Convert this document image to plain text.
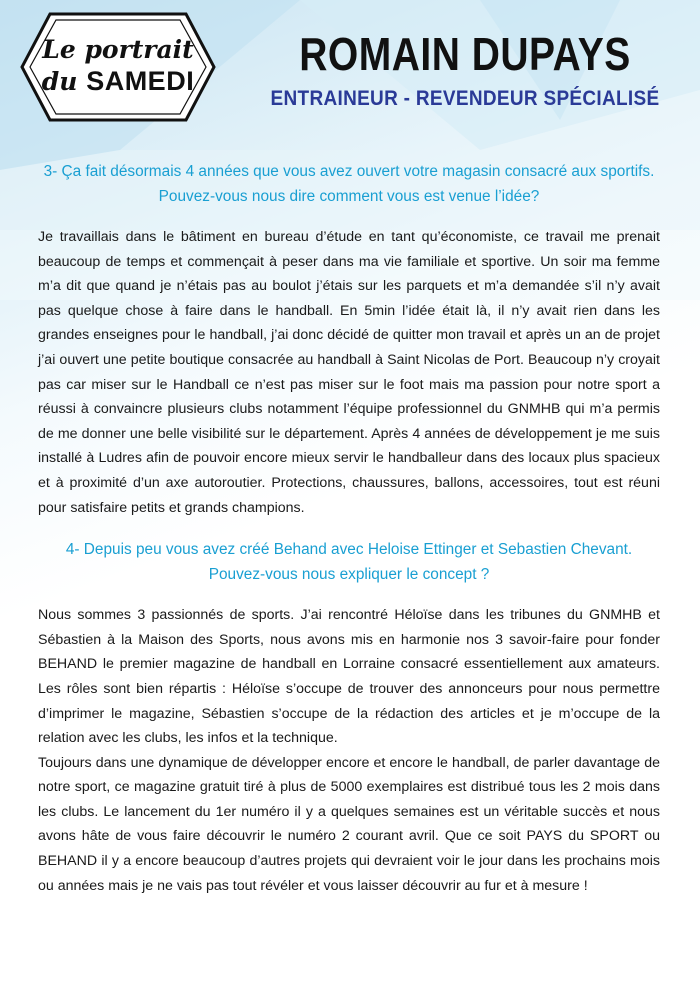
Le portrait
du SAMEDI
ROMAIN DUPAYS
ENTRAINEUR - REVENDEUR SPÉCIALISÉ

3- Ça fait désormais 4 années que vous avez ouvert votre magasin consacré aux sportifs. Pouvez-vous nous dire comment vous est venue l’idée?

Je travaillais dans le bâtiment en bureau d’étude en tant qu’économiste, ce travail me prenait beaucoup de temps et commençait à peser dans ma vie familiale et sportive. Un soir ma femme m’a dit que quand je n’étais pas au boulot j’étais sur les parquets et m’a demandée s’il n’y avait pas quelque chose à faire dans le handball. En 5min l’idée était là, il n’y avait rien dans les grandes enseignes pour le handball, j’ai donc décidé de quitter mon travail et après un an de projet j’ai ouvert une petite boutique consacrée au handball à Saint Nicolas de Port. Beaucoup n’y croyait pas car miser sur le Handball ce n’est pas miser sur le foot mais ma passion pour notre sport a réussi à convaincre plusieurs clubs notamment l’équipe professionnel du GNMHB qui m’a permis de me donner une belle visibilité sur le département. Après 4 années de développement je me suis installé à Ludres afin de pouvoir encore mieux servir le handballeur dans des locaux plus spacieux et à proximité d’un axe autoroutier. Protections, chaussures, ballons, accessoires, tout est réuni pour satisfaire petits et grands champions.

4- Depuis peu vous avez créé Behand avec Heloise Ettinger et Sebastien Chevant. Pouvez-vous nous expliquer le concept ?

Nous sommes 3 passionnés de sports. J’ai rencontré Héloïse dans les tribunes du GNMHB et Sébastien à la Maison des Sports, nous avons mis en harmonie nos 3 savoir-faire pour fonder BEHAND le premier magazine de handball en Lorraine consacré essentiellement aux amateurs. Les rôles sont bien répartis : Héloïse s’occupe de trouver des annonceurs pour nous permettre d’imprimer le magazine, Sébastien s’occupe de la rédaction des articles et je m’occupe de la relation avec les clubs, les infos et la technique.

Toujours dans une dynamique de développer encore et encore le handball, de parler davantage de notre sport, ce magazine gratuit tiré à plus de 5000 exemplaires est distribué tous les 2 mois dans les clubs. Le lancement du 1er numéro il y a quelques semaines est un véritable succès et nous avons hâte de vous faire découvrir le numéro 2 courant avril. Que ce soit PAYS du SPORT ou BEHAND il y a encore beaucoup d’autres projets qui devraient voir le jour dans les prochains mois ou années mais je ne vais pas tout révéler et vous laisser découvrir au fur et à mesure !
